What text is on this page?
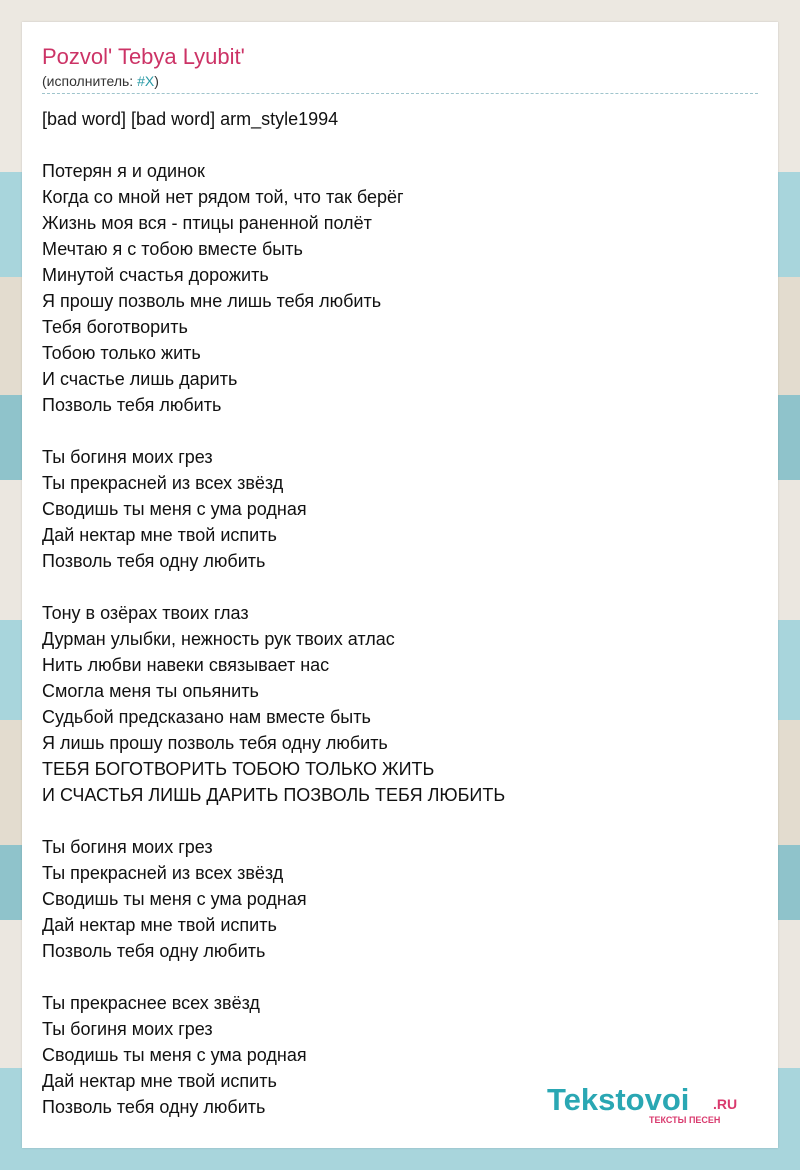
Pozvol' Tebya Lyubit'
(исполнитель: #X)
[bad word] [bad word] arm_style1994
Потерян я и одинок
Когда со мной нет рядом той, что так берёг
Жизнь моя вся - птицы раненной полёт
Мечтаю я с тобою вместе быть
Минутой счастья дорожить
Я прошу позволь мне лишь тебя любить
Тебя боготворить
Тобою только жить
И счастье лишь дарить
Позволь тебя любить
Ты богиня моих грез
Ты прекрасней из всех звёзд
Сводишь ты меня с ума родная
Дай нектар мне твой испить
Позволь тебя одну любить
Тону в озёрах твоих глаз
Дурман улыбки, нежность рук твоих атлас
Нить любви навеки связывает нас
Смогла меня ты опьянить
Судьбой предсказано нам вместе быть
Я лишь прошу позволь тебя одну любить
ТЕБЯ БОГОТВОРИТЬ ТОБОЮ ТОЛЬКО ЖИТЬ
И СЧАСТЬЯ ЛИШЬ ДАРИТЬ ПОЗВОЛЬ ТЕБЯ ЛЮБИТЬ
Ты богиня моих грез
Ты прекрасней из всех звёзд
Сводишь ты меня с ума родная
Дай нектар мне твой испить
Позволь тебя одну любить
Ты прекраснее всех звёзд
Ты богиня моих грез
Сводишь ты меня с ума родная
Дай нектар мне твой испить
Позволь тебя одну любить	Tekstovoi .RU
ТЕКСТЫ ПЕСЕН
